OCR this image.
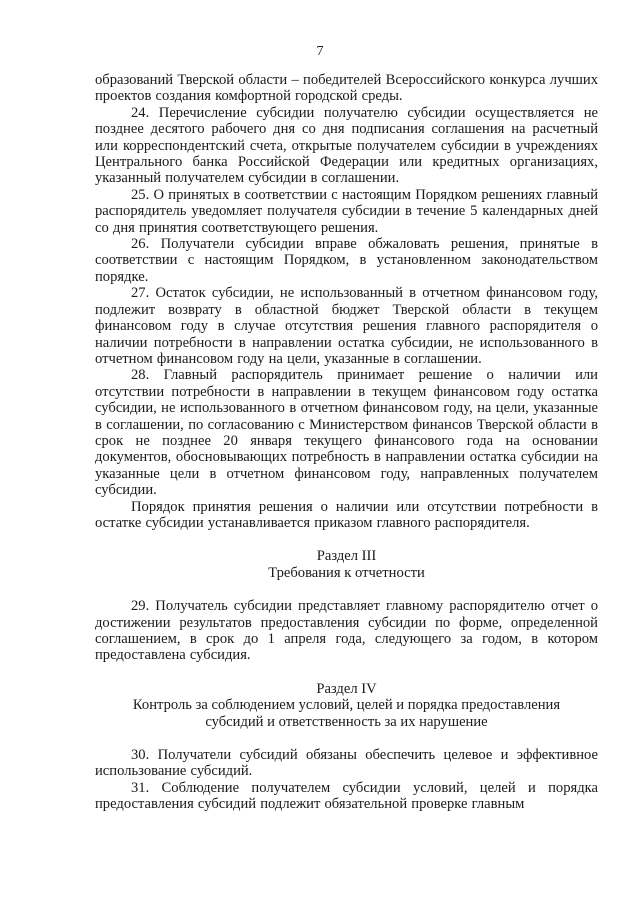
7

образований Тверской области – победителей Всероссийского конкурса лучших проектов создания комфортной городской среды.

24. Перечисление субсидии получателю субсидии осуществляется не позднее десятого рабочего дня со дня подписания соглашения на расчетный или корреспондентский счета, открытые получателем субсидии в учреждениях Центрального банка Российской Федерации или кредитных организациях, указанный получателем субсидии в соглашении.

25. О принятых в соответствии с настоящим Порядком решениях главный распорядитель уведомляет получателя субсидии в течение 5 календарных дней со дня принятия соответствующего решения.

26. Получатели субсидии вправе обжаловать решения, принятые в соответствии с настоящим Порядком, в установленном законодательством порядке.

27. Остаток субсидии, не использованный в отчетном финансовом году, подлежит возврату в областной бюджет Тверской области в текущем финансовом году в случае отсутствия решения главного распорядителя о наличии потребности в направлении остатка субсидии, не использованного в отчетном финансовом году на цели, указанные в соглашении.

28. Главный распорядитель принимает решение о наличии или отсутствии потребности в направлении в текущем финансовом году остатка субсидии, не использованного в отчетном финансовом году, на цели, указанные в соглашении, по согласованию с Министерством финансов Тверской области в срок не позднее 20 января текущего финансового года на основании документов, обосновывающих потребность в направлении остатка субсидии на указанные цели в отчетном финансовом году, направленных получателем субсидии.

Порядок принятия решения о наличии или отсутствии потребности в остатке субсидии устанавливается приказом главного распорядителя.

Раздел III

Требования к отчетности

29. Получатель субсидии представляет главному распорядителю отчет о достижении результатов предоставления субсидии по форме, определенной соглашением, в срок до 1 апреля года, следующего за годом, в котором предоставлена субсидия.

Раздел IV

Контроль за соблюдением условий, целей и порядка предоставления

субсидий и ответственность за их нарушение

30. Получатели субсидий обязаны обеспечить целевое и эффективное использование субсидий.

31. Соблюдение получателем субсидии условий, целей и порядка предоставления субсидий подлежит обязательной проверке главным
